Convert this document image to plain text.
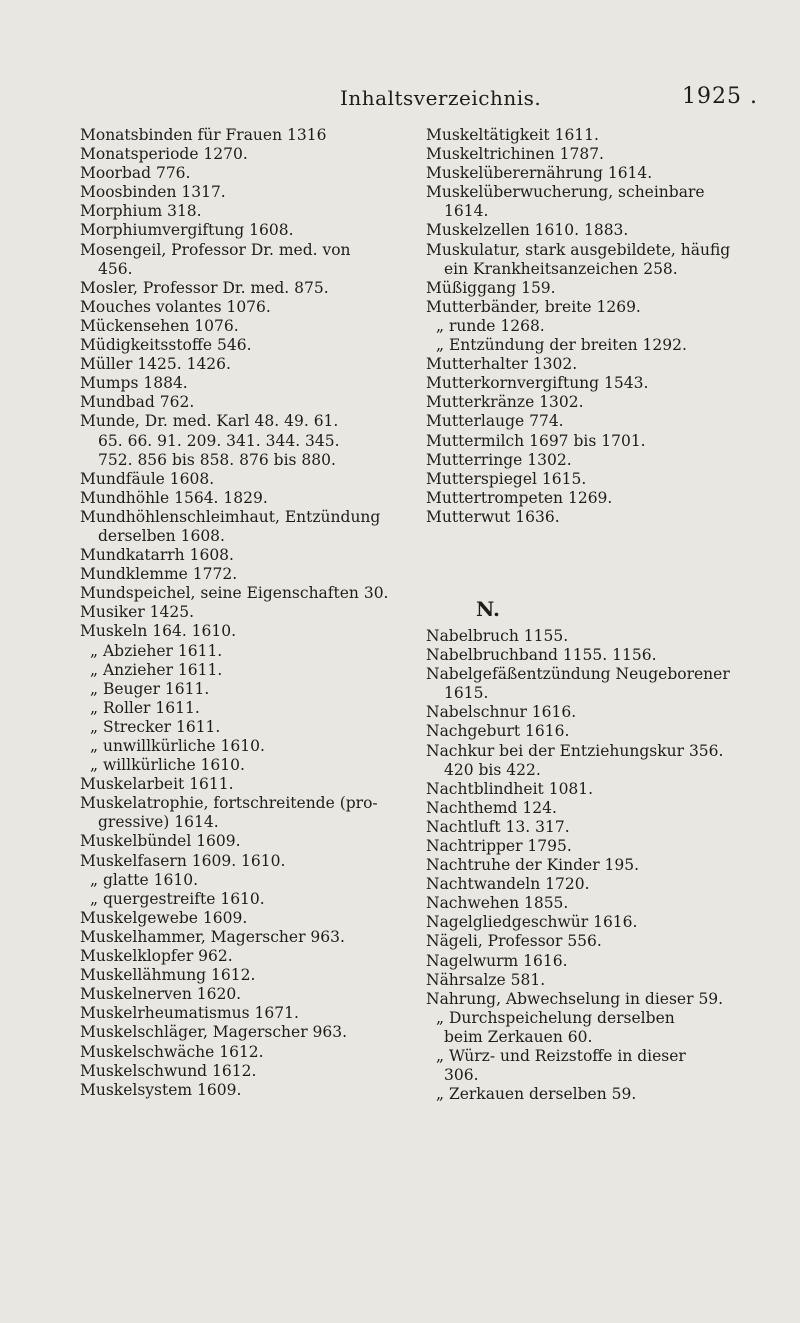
Inhaltsverzeichnis.	1925 .
Monatsbinden für Frauen 1316
Monatsperiode 1270.
Moorbad 776.
Moosbinden 1317.
Morphium 318.
Morphiumvergiftung 1608.
Mosengeil, Professor Dr. med. von
456.
Mosler, Professor Dr. med. 875.
Mouches volantes 1076.
Mückensehen 1076.
Müdigkeitsstoffe 546.
Müller 1425. 1426.
Mumps 1884.
Mundbad 762.
Munde, Dr. med. Karl 48. 49. 61.
65. 66. 91. 209. 341. 344. 345.
752. 856 bis 858. 876 bis 880.
Mundfäule 1608.
Mundhöhle 1564. 1829.
Mundhöhlenschleimhaut, Entzündung
derselben 1608.
Mundkatarrh 1608.
Mundklemme 1772.
Mundspeichel, seine Eigenschaften 30.
Musiker 1425.
Muskeln 164. 1610.
„ Abzieher 1611.
„ Anzieher 1611.
„ Beuger 1611.
„ Roller 1611.
„ Strecker 1611.
„ unwillkürliche 1610.
„ willkürliche 1610.
Muskelarbeit 1611.
Muskelatrophie, fortschreitende (pro-
gressive) 1614.
Muskelbündel 1609.
Muskelfasern 1609. 1610.
„ glatte 1610.
„ quergestreifte 1610.
Muskelgewebe 1609.
Muskelhammer, Magerscher 963.
Muskelklopfer 962.
Muskellähmung 1612.
Muskelnerven 1620.
Muskelrheumatismus 1671.
Muskelschläger, Magerscher 963.
Muskelschwäche 1612.
Muskelschwund 1612.
Muskelsystem 1609.
Muskeltätigkeit 1611.
Muskeltrichinen 1787.
Muskelüberernährung 1614.
Muskelüberwucherung, scheinbare
1614.
Muskelzellen 1610. 1883.
Muskulatur, stark ausgebildete, häufig
ein Krankheitsanzeichen 258.
Müßiggang 159.
Mutterbänder, breite 1269.
„ runde 1268.
„ Entzündung der breiten 1292.
Mutterhalter 1302.
Mutterkornvergiftung 1543.
Mutterkränze 1302.
Mutterlauge 774.
Muttermilch 1697 bis 1701.
Mutterringe 1302.
Mutterspiegel 1615.
Muttertrompeten 1269.
Mutterwut 1636.
N.
Nabelbruch 1155.
Nabelbruchband 1155. 1156.
Nabelgefäßentzündung Neugeborener
1615.
Nabelschnur 1616.
Nachgeburt 1616.
Nachkur bei der Entziehungskur 356.
420 bis 422.
Nachtblindheit 1081.
Nachthemd 124.
Nachtluft 13. 317.
Nachtripper 1795.
Nachtruhe der Kinder 195.
Nachtwandeln 1720.
Nachwehen 1855.
Nagelgliedgeschwür 1616.
Nägeli, Professor 556.
Nagelwurm 1616.
Nährsalze 581.
Nahrung, Abwechselung in dieser 59.
„ Durchspeichelung derselben
beim Zerkauen 60.
„ Würz- und Reizstoffe in dieser
306.
„ Zerkauen derselben 59.
